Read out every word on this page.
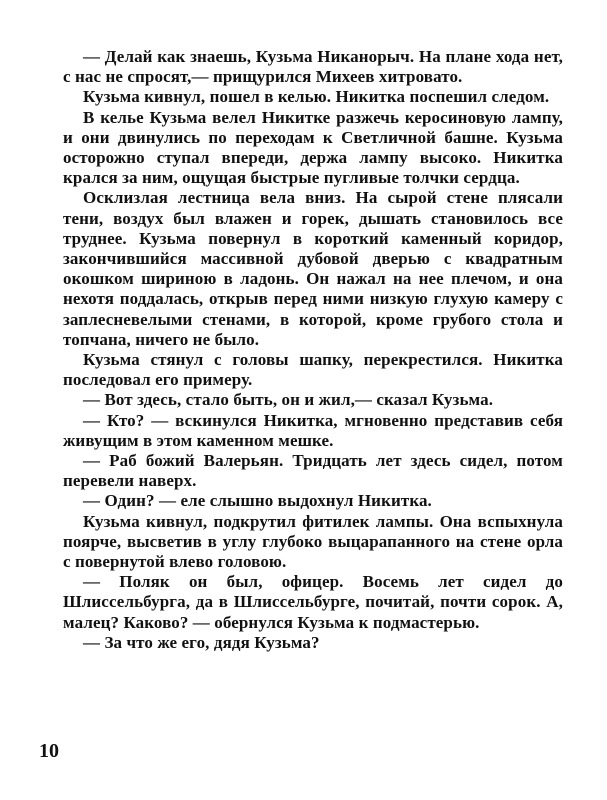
— Делай как знаешь, Кузьма Никанорыч. На плане хода нет, с нас не спросят,— прищурился Михеев хитровато.

Кузьма кивнул, пошел в келью. Никитка поспешил следом.

В келье Кузьма велел Никитке разжечь керосиновую лампу, и они двинулись по переходам к Светличной башне. Кузьма осторожно ступал впереди, держа лампу высоко. Никитка крался за ним, ощущая быстрые пугливые толчки сердца.

Осклизлая лестница вела вниз. На сырой стене плясали тени, воздух был влажен и горек, дышать становилось все труднее. Кузьма повернул в короткий каменный коридор, закончившийся массивной дубовой дверью с квадратным окошком шириною в ладонь. Он нажал на нее плечом, и она нехотя поддалась, открыв перед ними низкую глухую камеру с заплесневелыми стенами, в которой, кроме грубого стола и топчана, ничего не было.

Кузьма стянул с головы шапку, перекрестился. Никитка последовал его примеру.

— Вот здесь, стало быть, он и жил,— сказал Кузьма.

— Кто? — вскинулся Никитка, мгновенно представив себя живущим в этом каменном мешке.

— Раб божий Валерьян. Тридцать лет здесь сидел, потом перевели наверх.

— Один? — еле слышно выдохнул Никитка.

Кузьма кивнул, подкрутил фитилек лампы. Она вспыхнула поярче, высветив в углу глубоко выцарапанного на стене орла с повернутой влево головою.

— Поляк он был, офицер. Восемь лет сидел до Шлиссельбурга, да в Шлиссельбурге, почитай, почти сорок. А, малец? Каково? — обернулся Кузьма к подмастерью.

— За что же его, дядя Кузьма?

10
